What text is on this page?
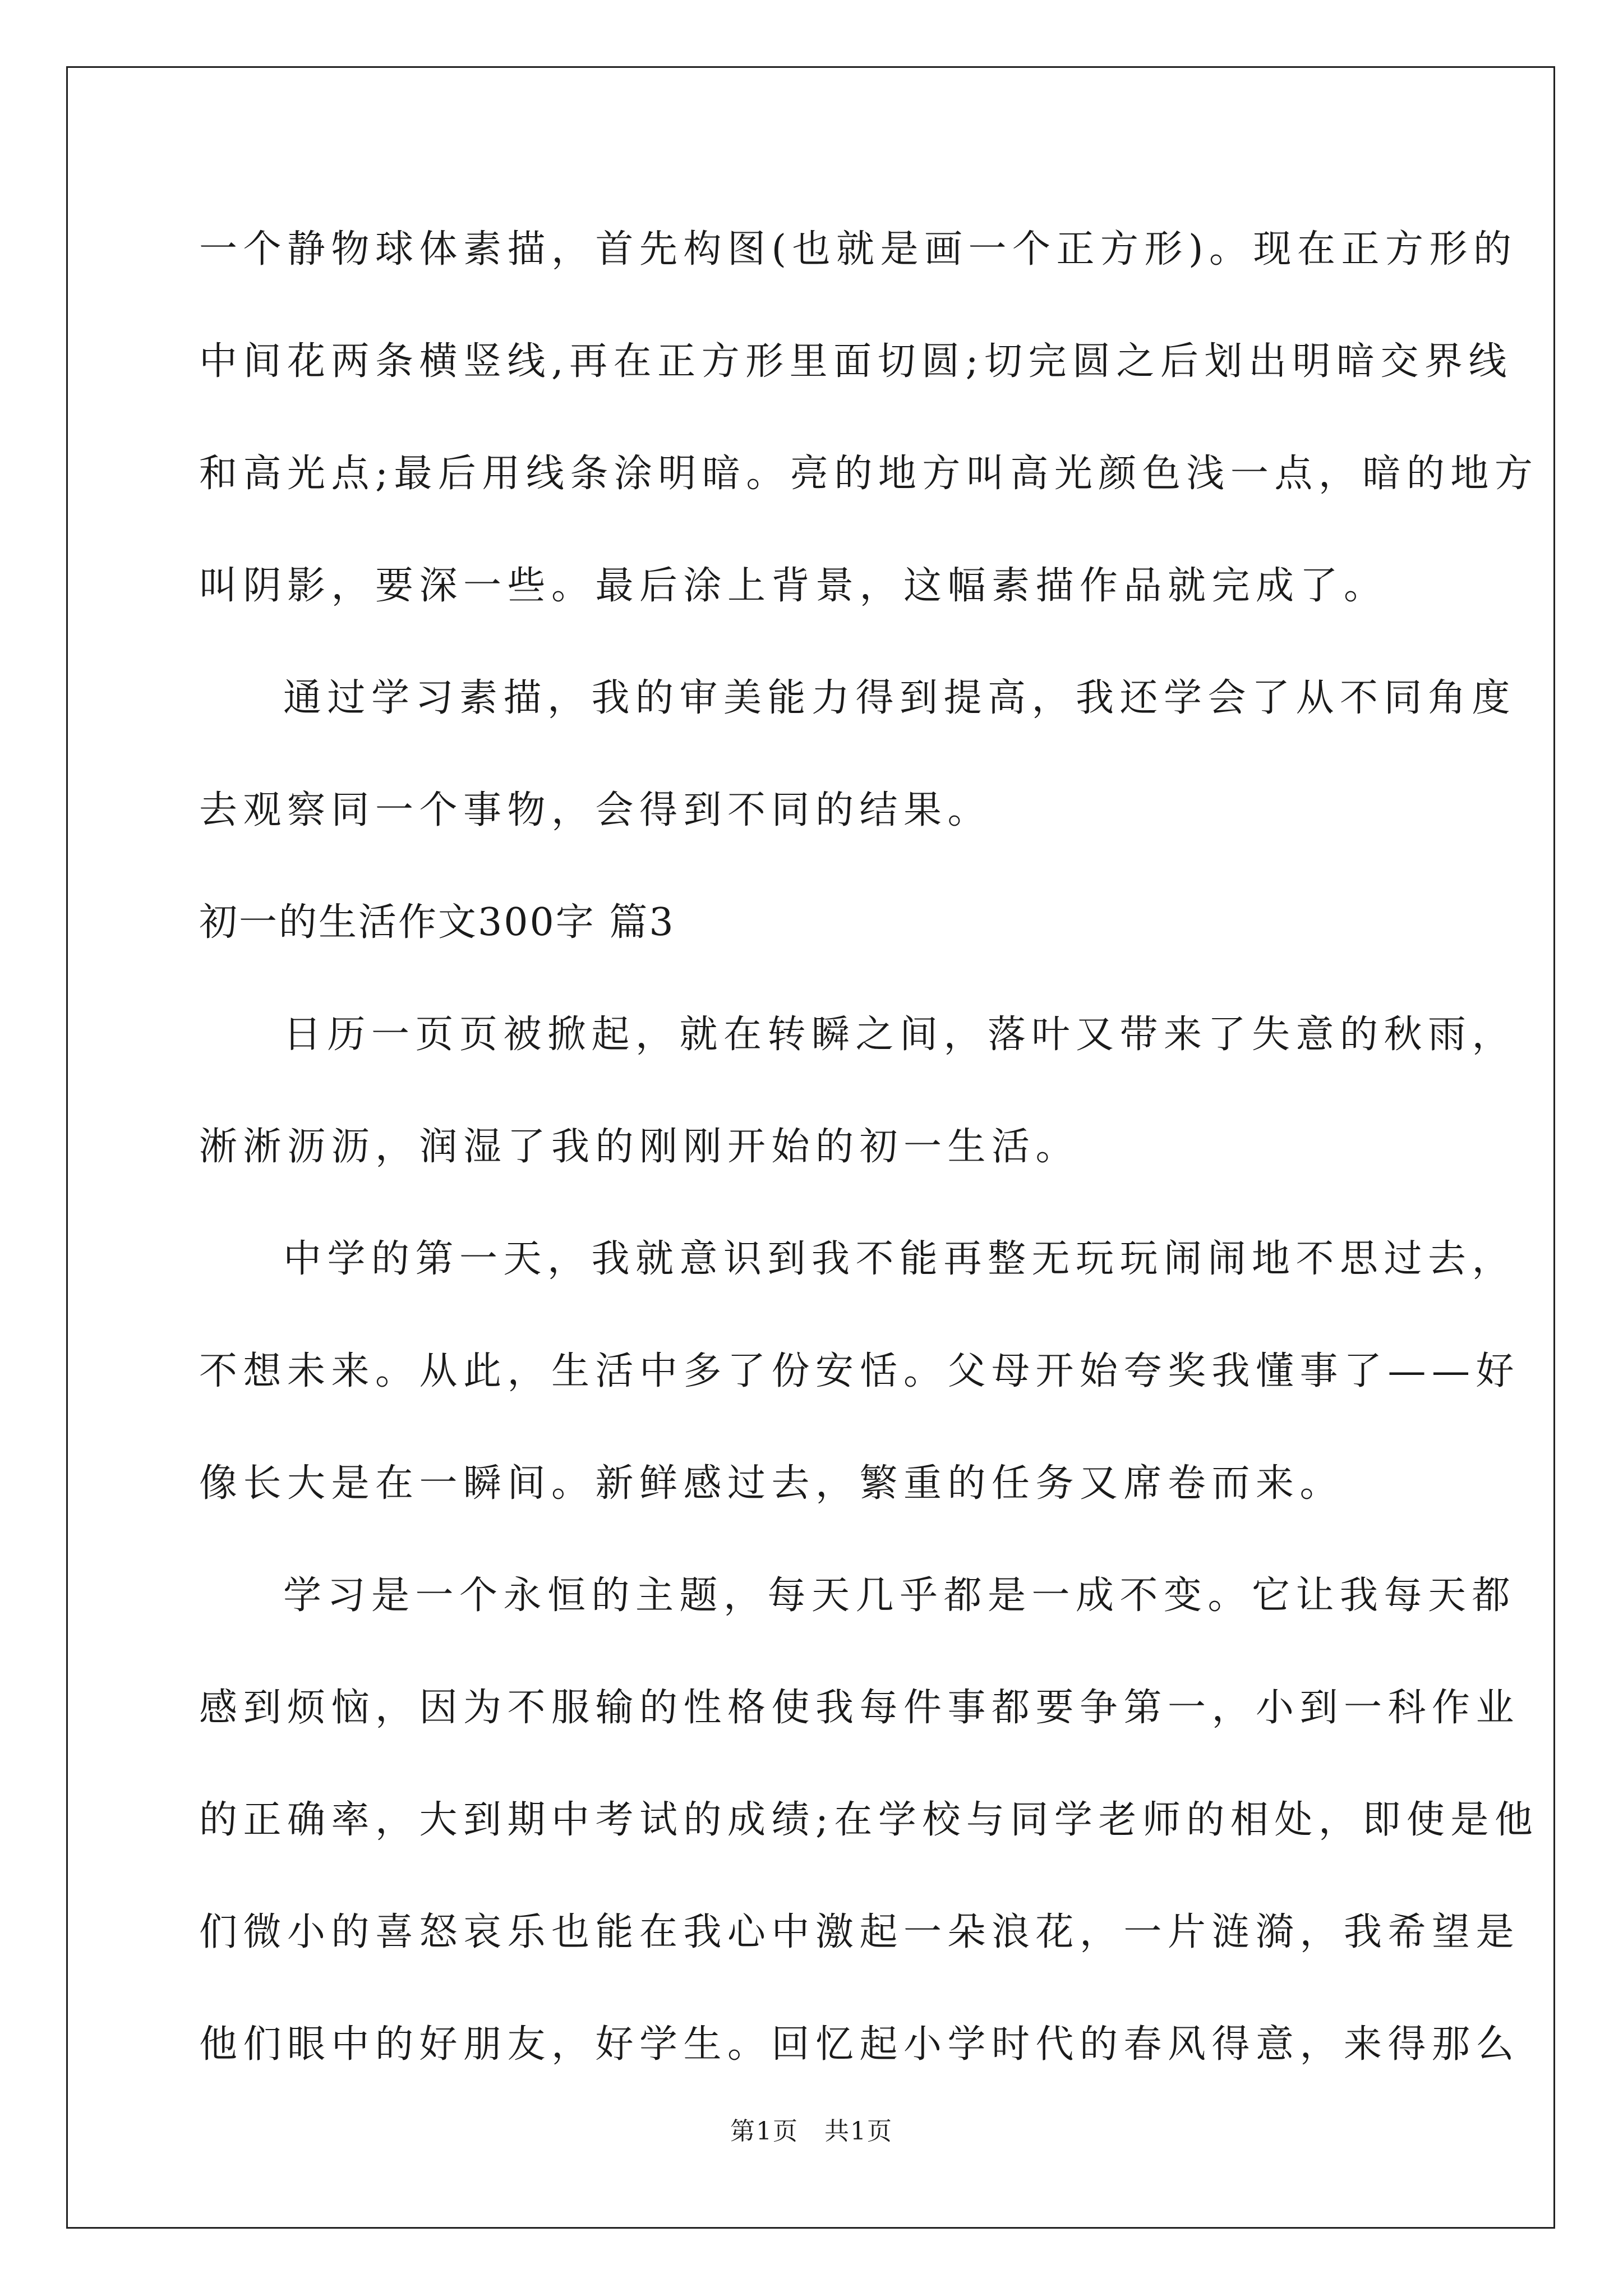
一个静物球体素描，首先构图(也就是画一个正方形)。现在正方形的
中间花两条横竖线,再在正方形里面切圆;切完圆之后划出明暗交界线
和高光点;最后用线条涂明暗。亮的地方叫高光颜色浅一点，暗的地方
叫阴影，要深一些。最后涂上背景，这幅素描作品就完成了。
通过学习素描，我的审美能力得到提高，我还学会了从不同角度
去观察同一个事物，会得到不同的结果。
初一的生活作文300字 篇3
日历一页页被掀起，就在转瞬之间，落叶又带来了失意的秋雨，
淅淅沥沥，润湿了我的刚刚开始的初一生活。
中学的第一天，我就意识到我不能再整无玩玩闹闹地不思过去，
不想未来。从此，生活中多了份安恬。父母开始夸奖我懂事了——好
像长大是在一瞬间。新鲜感过去，繁重的任务又席卷而来。
学习是一个永恒的主题，每天几乎都是一成不变。它让我每天都
感到烦恼，因为不服输的性格使我每件事都要争第一，小到一科作业
的正确率，大到期中考试的成绩;在学校与同学老师的相处，即使是他
们微小的喜怒哀乐也能在我心中激起一朵浪花，一片涟漪，我希望是
他们眼中的好朋友，好学生。回忆起小学时代的春风得意，来得那么
第1页　共1页
